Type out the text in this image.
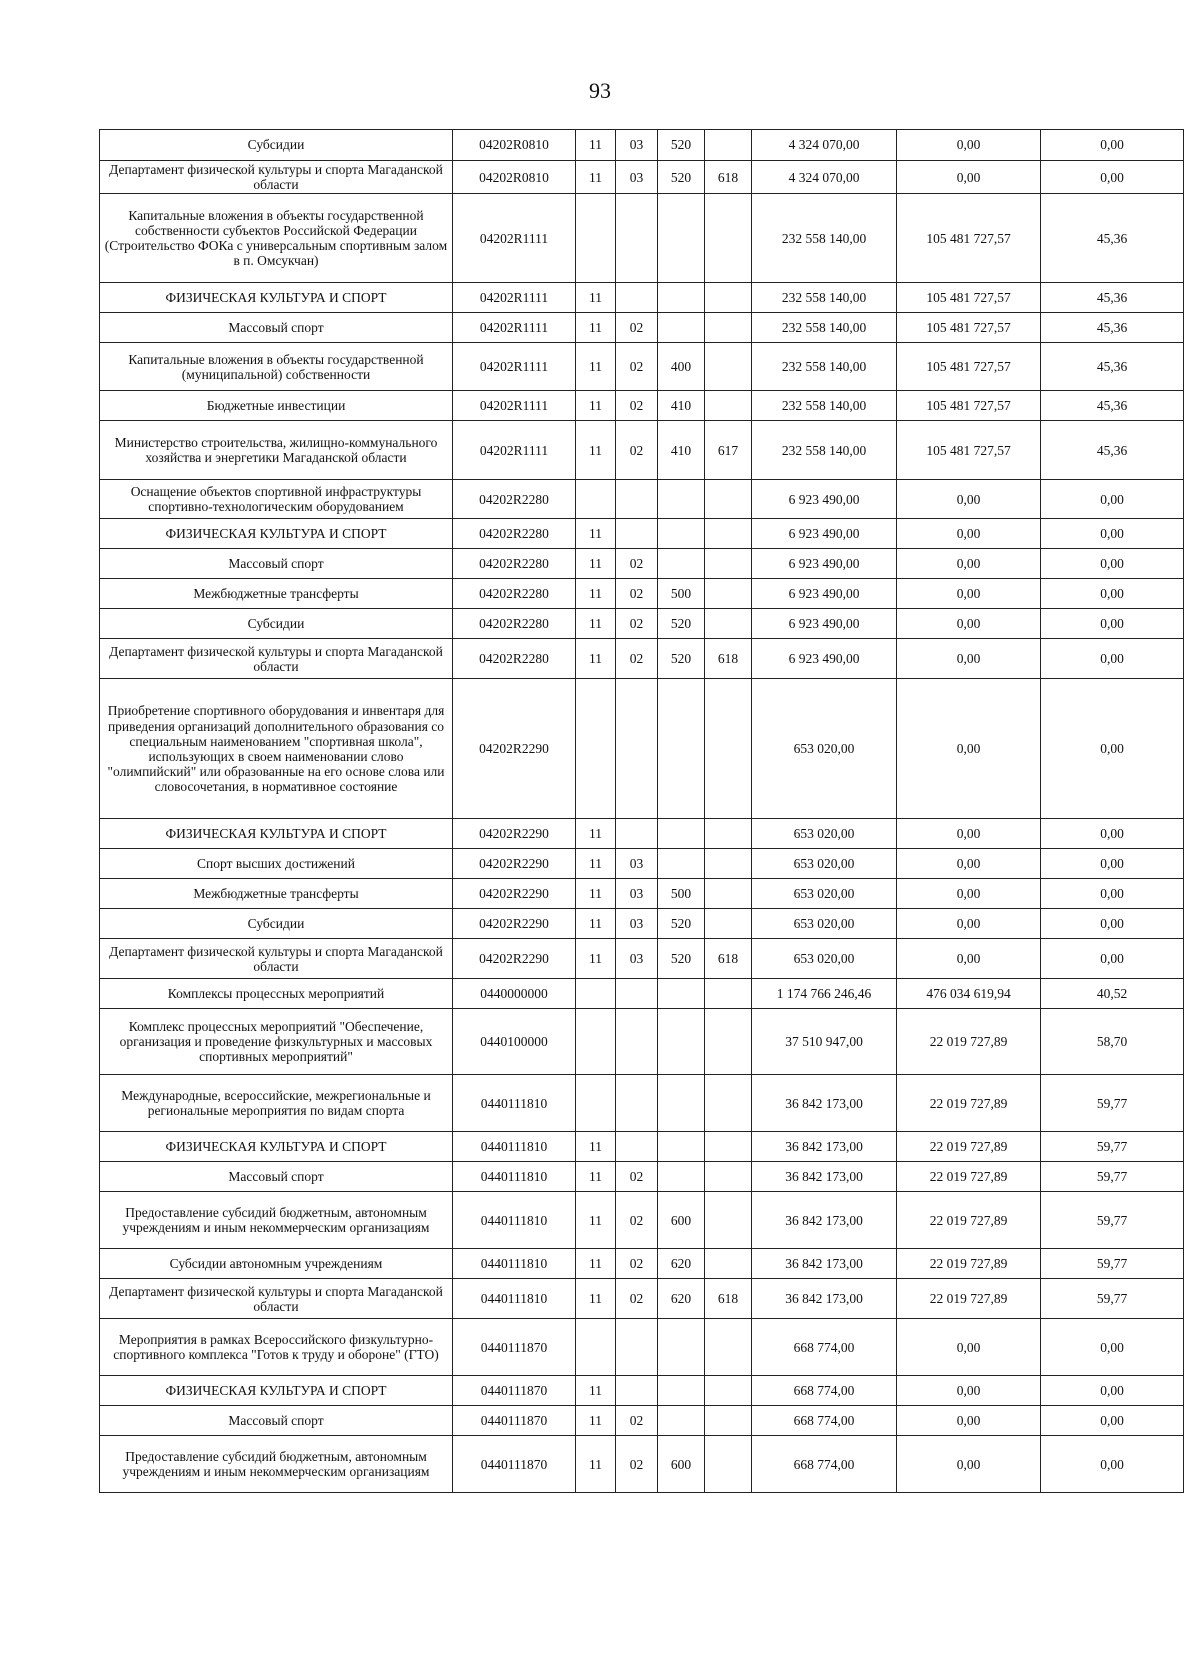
93
Субсидии	04202R0810	11	03	520		4 324 070,00	0,00	0,00
Департамент физической культуры и спорта Магаданской области	04202R0810	11	03	520	618	4 324 070,00	0,00	0,00
Капитальные вложения в объекты государственной собственности субъектов Российской Федерации (Строительство ФОКа с универсальным спортивным залом в п. Омсукчан)	04202R1111					232 558 140,00	105 481 727,57	45,36
ФИЗИЧЕСКАЯ КУЛЬТУРА И СПОРТ	04202R1111	11				232 558 140,00	105 481 727,57	45,36
Массовый спорт	04202R1111	11	02			232 558 140,00	105 481 727,57	45,36
Капитальные вложения в объекты государственной (муниципальной) собственности	04202R1111	11	02	400		232 558 140,00	105 481 727,57	45,36
Бюджетные инвестиции	04202R1111	11	02	410		232 558 140,00	105 481 727,57	45,36
Министерство строительства, жилищно-коммунального хозяйства и энергетики Магаданской области	04202R1111	11	02	410	617	232 558 140,00	105 481 727,57	45,36
Оснащение объектов спортивной инфраструктуры спортивно-технологическим оборудованием	04202R2280					6 923 490,00	0,00	0,00
ФИЗИЧЕСКАЯ КУЛЬТУРА И СПОРТ	04202R2280	11				6 923 490,00	0,00	0,00
Массовый спорт	04202R2280	11	02			6 923 490,00	0,00	0,00
Межбюджетные трансферты	04202R2280	11	02	500		6 923 490,00	0,00	0,00
Субсидии	04202R2280	11	02	520		6 923 490,00	0,00	0,00
Департамент физической культуры и спорта Магаданской области	04202R2280	11	02	520	618	6 923 490,00	0,00	0,00
Приобретение спортивного оборудования и инвентаря для приведения организаций дополнительного образования со специальным наименованием "спортивная школа", использующих в своем наименовании слово "олимпийский" или образованные на его основе слова или словосочетания, в нормативное состояние	04202R2290					653 020,00	0,00	0,00
ФИЗИЧЕСКАЯ КУЛЬТУРА И СПОРТ	04202R2290	11				653 020,00	0,00	0,00
Спорт высших достижений	04202R2290	11	03			653 020,00	0,00	0,00
Межбюджетные трансферты	04202R2290	11	03	500		653 020,00	0,00	0,00
Субсидии	04202R2290	11	03	520		653 020,00	0,00	0,00
Департамент физической культуры и спорта Магаданской области	04202R2290	11	03	520	618	653 020,00	0,00	0,00
Комплексы процессных мероприятий	0440000000					1 174 766 246,46	476 034 619,94	40,52
Комплекс процессных мероприятий "Обеспечение, организация и проведение физкультурных и массовых спортивных мероприятий"	0440100000					37 510 947,00	22 019 727,89	58,70
Международные, всероссийские, межрегиональные и региональные мероприятия по видам спорта	0440111810					36 842 173,00	22 019 727,89	59,77
ФИЗИЧЕСКАЯ КУЛЬТУРА И СПОРТ	0440111810	11				36 842 173,00	22 019 727,89	59,77
Массовый спорт	0440111810	11	02			36 842 173,00	22 019 727,89	59,77
Предоставление субсидий бюджетным, автономным учреждениям и иным некоммерческим организациям	0440111810	11	02	600		36 842 173,00	22 019 727,89	59,77
Субсидии автономным учреждениям	0440111810	11	02	620		36 842 173,00	22 019 727,89	59,77
Департамент физической культуры и спорта Магаданской области	0440111810	11	02	620	618	36 842 173,00	22 019 727,89	59,77
Мероприятия в рамках Всероссийского физкультурно-спортивного комплекса "Готов к труду и обороне" (ГТО)	0440111870					668 774,00	0,00	0,00
ФИЗИЧЕСКАЯ КУЛЬТУРА И СПОРТ	0440111870	11				668 774,00	0,00	0,00
Массовый спорт	0440111870	11	02			668 774,00	0,00	0,00
Предоставление субсидий бюджетным, автономным учреждениям и иным некоммерческим организациям	0440111870	11	02	600		668 774,00	0,00	0,00
